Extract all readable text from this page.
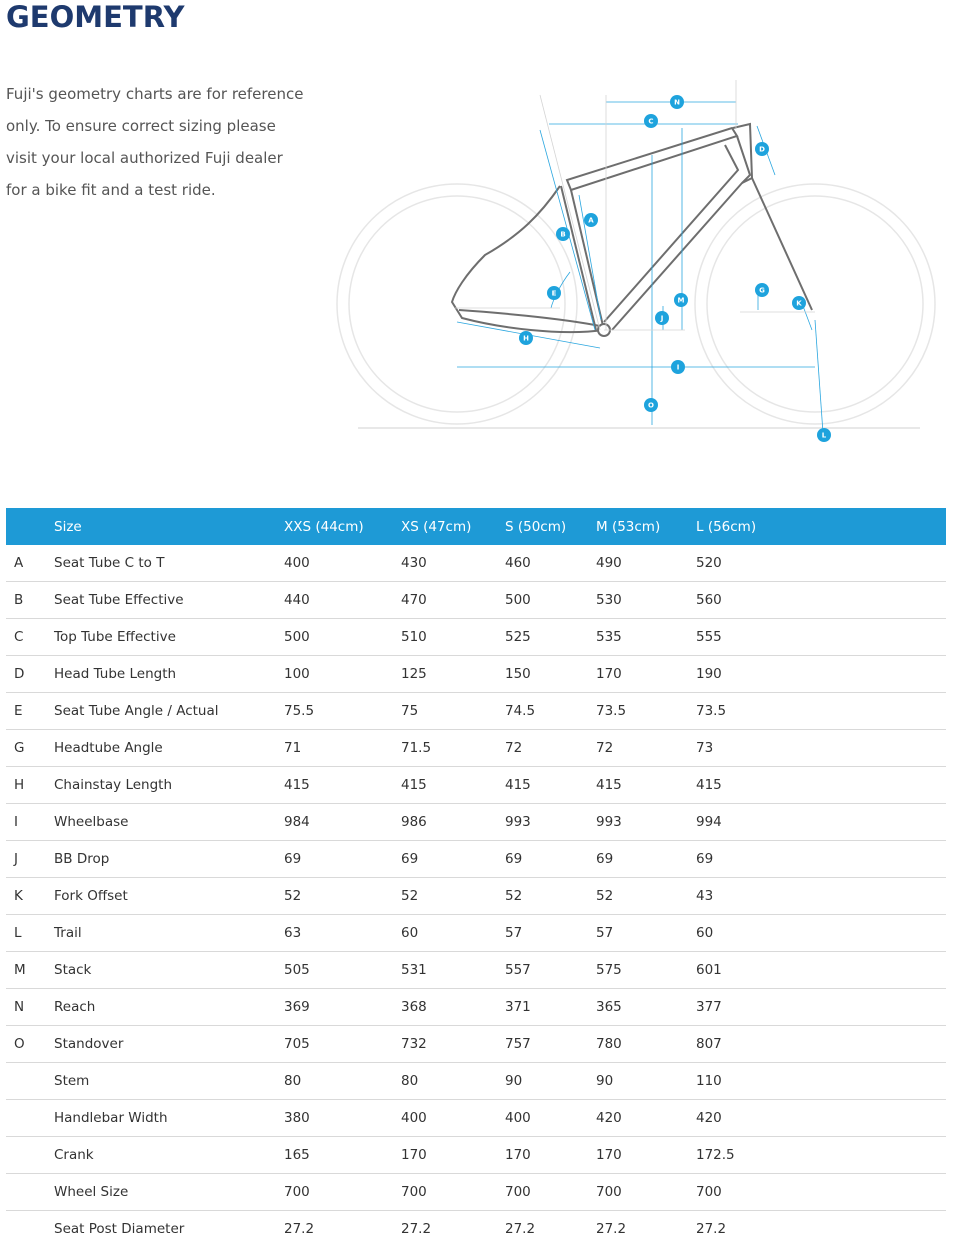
GEOMETRY

Fuji's geometry charts are for reference only. To ensure correct sizing please visit your local authorized Fuji dealer for a bike fit and a test ride.

N
C
D
A
B
E
M
J
G
K
H
I
O
L
	Size	XXS (44cm)	XS (47cm)	S (50cm)	M (53cm)	L (56cm)
A	Seat Tube C to T	400	430	460	490	520
B	Seat Tube Effective	440	470	500	530	560
C	Top Tube Effective	500	510	525	535	555
D	Head Tube Length	100	125	150	170	190
E	Seat Tube Angle / Actual	75.5	75	74.5	73.5	73.5
G	Headtube Angle	71	71.5	72	72	73
H	Chainstay Length	415	415	415	415	415
I	Wheelbase	984	986	993	993	994
J	BB Drop	69	69	69	69	69
K	Fork Offset	52	52	52	52	43
L	Trail	63	60	57	57	60
M	Stack	505	531	557	575	601
N	Reach	369	368	371	365	377
O	Standover	705	732	757	780	807
	Stem	80	80	90	90	110
	Handlebar Width	380	400	400	420	420
	Crank	165	170	170	170	172.5
	Wheel Size	700	700	700	700	700
	Seat Post Diameter	27.2	27.2	27.2	27.2	27.2
